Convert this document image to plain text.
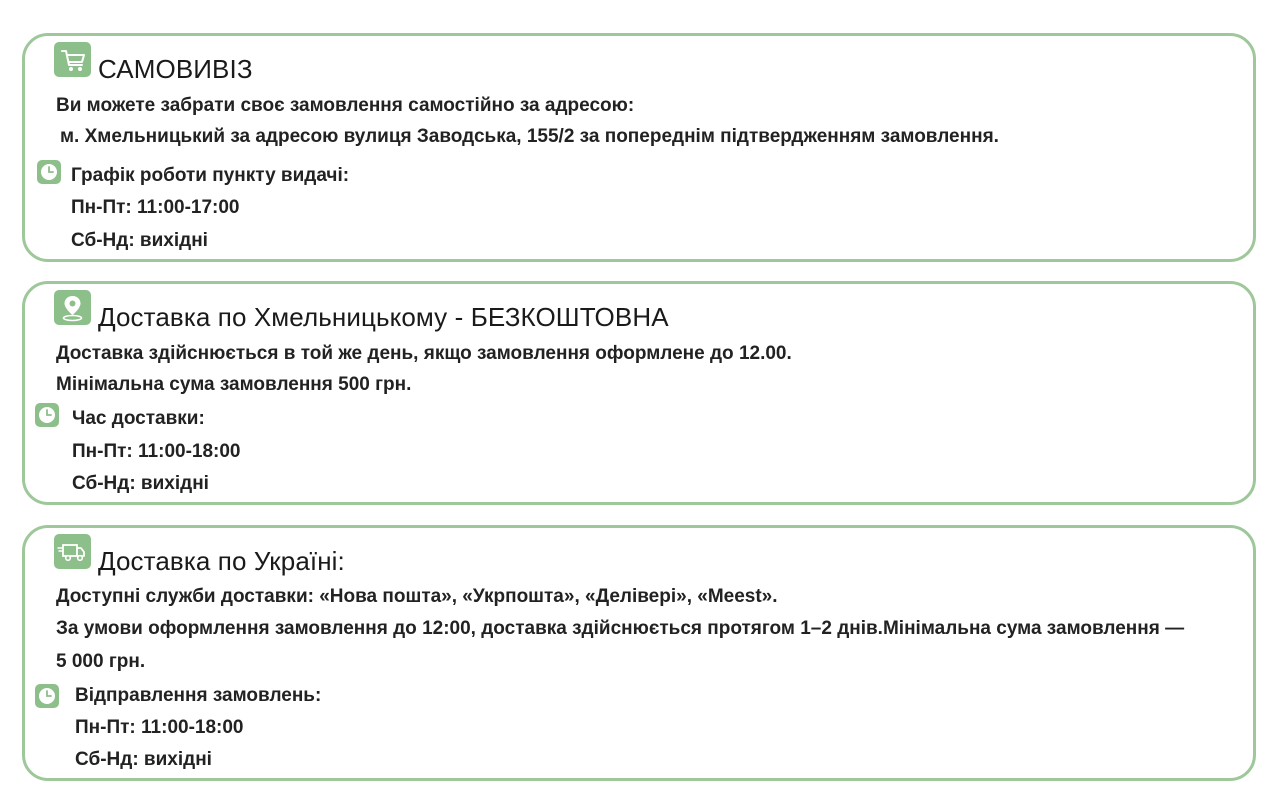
САМОВИВІЗ
Ви можете забрати своє замовлення самостійно за адресою:
м. Хмельницький за адресою вулиця Заводська, 155/2 за попереднім підтвердженням замовлення.
Графік роботи пункту видачі:
Пн-Пт: 11:00-17:00
Сб-Нд: вихідні
Доставка по Хмельницькому - БЕЗКОШТОВНА
Доставка здійснюється в той же день, якщо замовлення оформлене до 12.00.
Мінімальна сума замовлення 500 грн.
Час доставки:
Пн-Пт: 11:00-18:00
Сб-Нд: вихідні
Доставка по Україні:
Доступні служби доставки: «Нова пошта», «Укрпошта», «Делівері», «Meest».
За умови оформлення замовлення до 12:00, доставка здійснюється протягом 1–2 днів.Мінімальна сума замовлення —
5 000 грн.
Відправлення замовлень:
Пн-Пт: 11:00-18:00
Сб-Нд: вихідні
